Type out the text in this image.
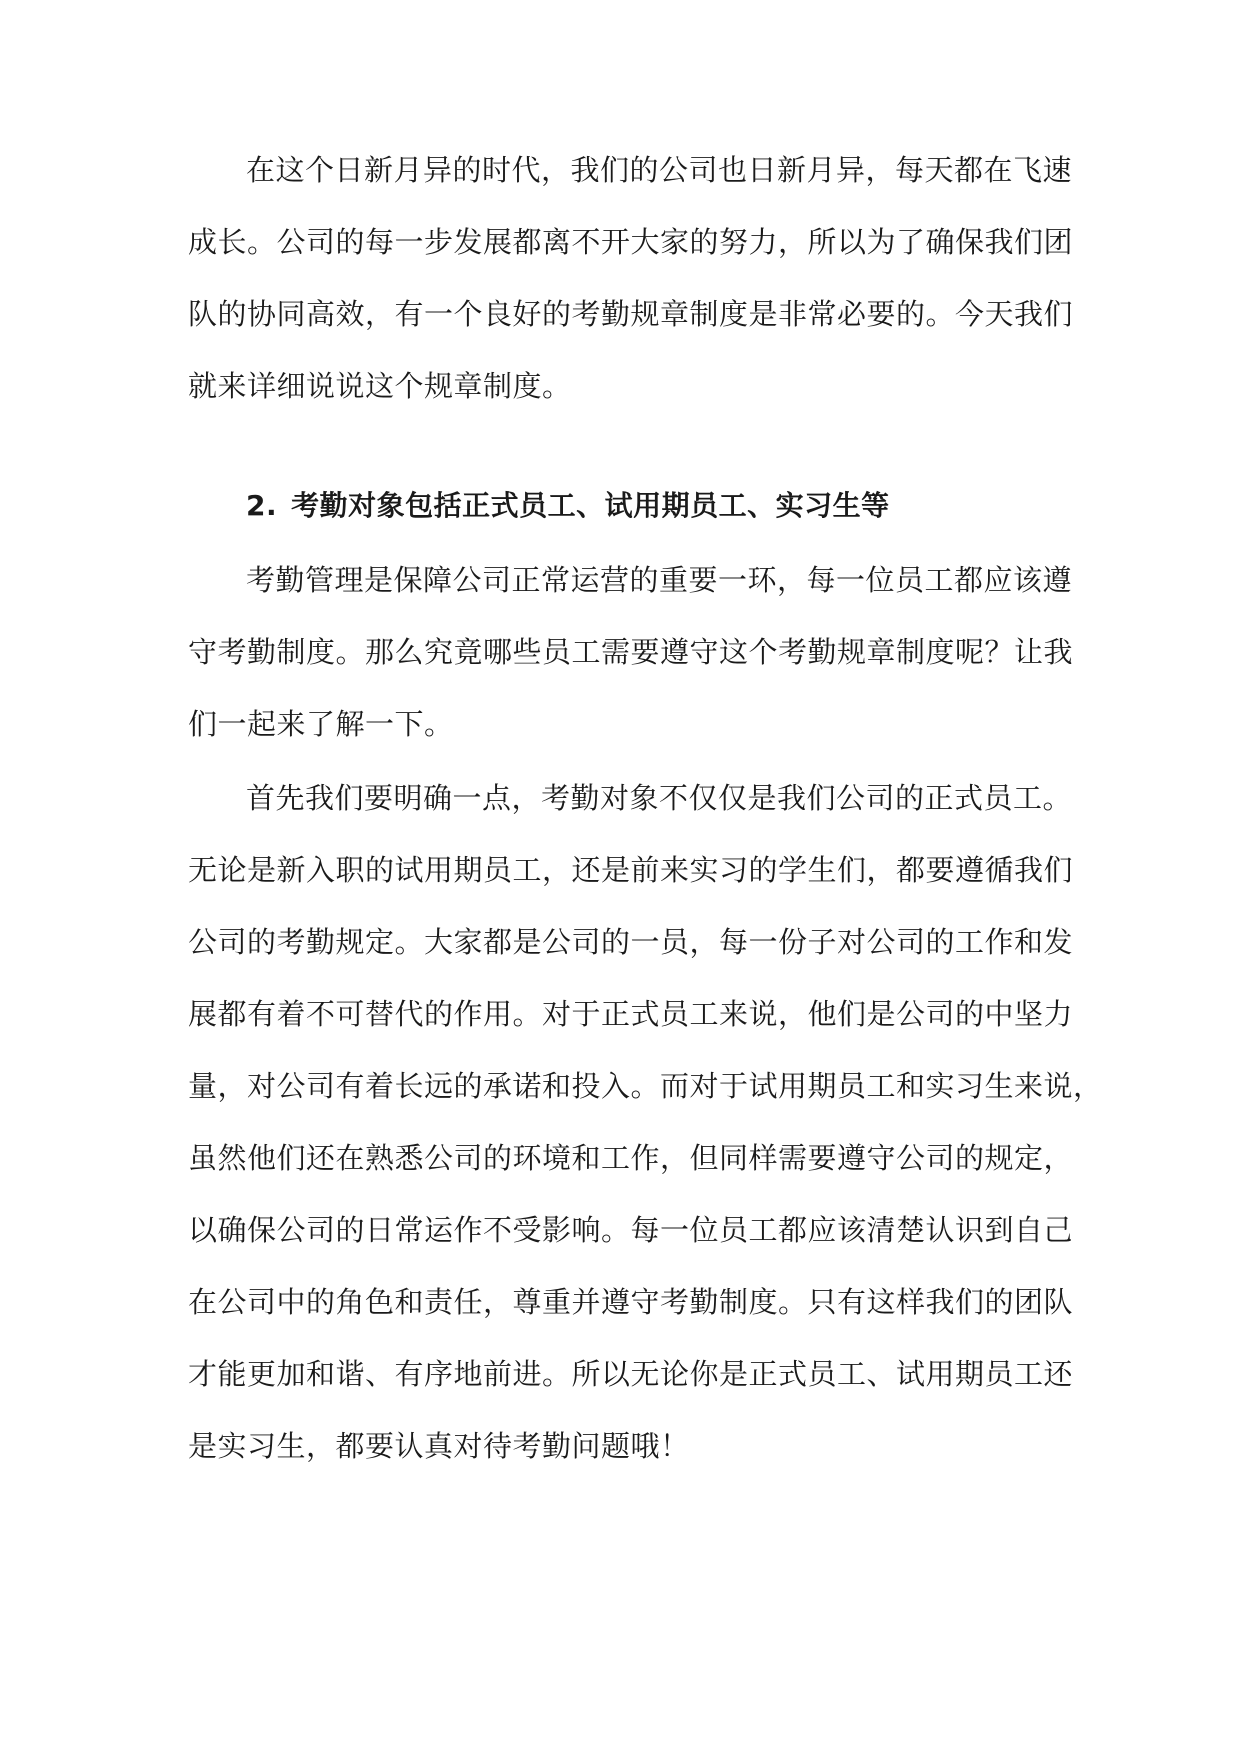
在这个日新月异的时代，我们的公司也日新月异，每天都在飞速

成长。公司的每一步发展都离不开大家的努力，所以为了确保我们团

队的协同高效，有一个良好的考勤规章制度是非常必要的。今天我们

就来详细说说这个规章制度。

2. 考勤对象包括正式员工、试用期员工、实习生等

考勤管理是保障公司正常运营的重要一环，每一位员工都应该遵

守考勤制度。那么究竟哪些员工需要遵守这个考勤规章制度呢？让我

们一起来了解一下。

首先我们要明确一点，考勤对象不仅仅是我们公司的正式员工。

无论是新入职的试用期员工，还是前来实习的学生们，都要遵循我们

公司的考勤规定。大家都是公司的一员，每一份子对公司的工作和发

展都有着不可替代的作用。对于正式员工来说，他们是公司的中坚力

量，对公司有着长远的承诺和投入。而对于试用期员工和实习生来说，

虽然他们还在熟悉公司的环境和工作，但同样需要遵守公司的规定，

以确保公司的日常运作不受影响。每一位员工都应该清楚认识到自己

在公司中的角色和责任，尊重并遵守考勤制度。只有这样我们的团队

才能更加和谐、有序地前进。所以无论你是正式员工、试用期员工还

是实习生，都要认真对待考勤问题哦！
